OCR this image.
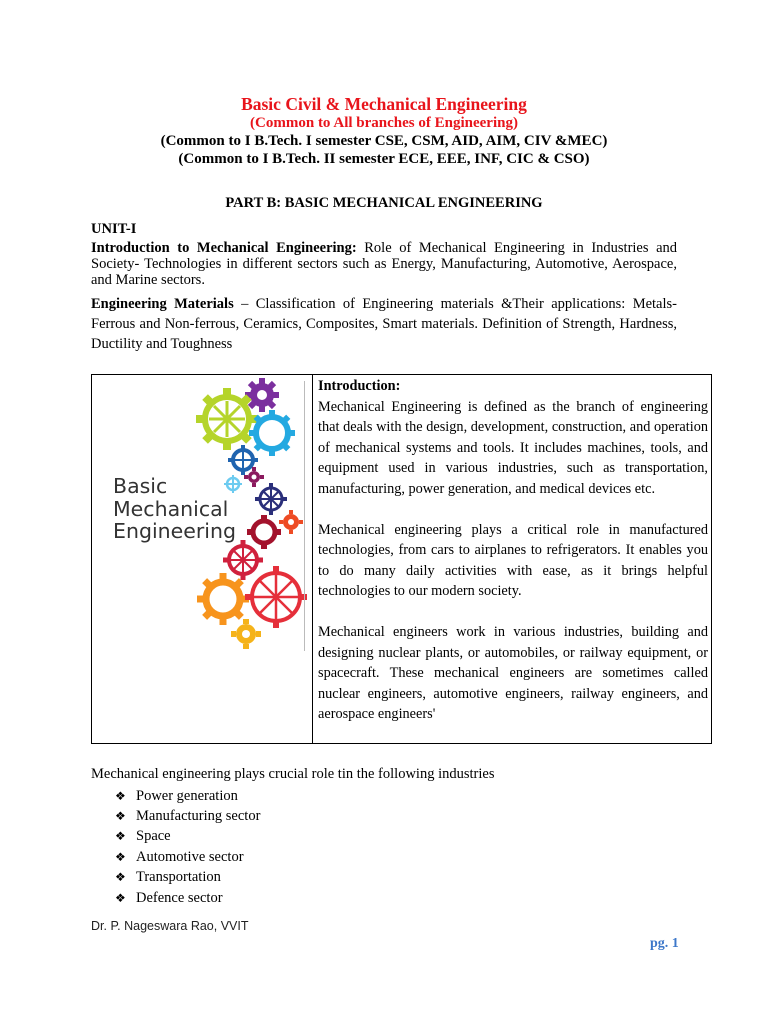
Basic Civil & Mechanical Engineering
(Common to All branches of Engineering)
(Common to I B.Tech. I semester CSE, CSM, AID, AIM, CIV &MEC)
(Common to I B.Tech. II semester ECE, EEE, INF, CIC & CSO)
PART B: BASIC MECHANICAL ENGINEERING
UNIT-I
Introduction to Mechanical Engineering: Role of Mechanical Engineering in Industries and Society- Technologies in different sectors such as Energy, Manufacturing, Automotive, Aerospace, and Marine sectors.
Engineering Materials – Classification of Engineering materials &Their applications: Metals-Ferrous and Non-ferrous, Ceramics, Composites, Smart materials. Definition of Strength, Hardness, Ductility and Toughness
Basic
Mechanical
Engineering

Introduction:

Mechanical Engineering is defined as the branch of engineering that deals with the design, development, construction, and operation of mechanical systems and tools. It includes machines, tools, and equipment used in various industries, such as transportation, manufacturing, power generation, and medical devices etc.

Mechanical engineering plays a critical role in manufactured technologies, from cars to airplanes to refrigerators. It enables you to do many daily activities with ease, as it brings helpful technologies to our modern society.

Mechanical engineers work in various industries, building and designing nuclear plants, or automobiles, or railway equipment, or spacecraft. These mechanical engineers are sometimes called nuclear engineers, automotive engineers, railway engineers, and aerospace engineers'

Mechanical engineering plays crucial role tin the following industries
❖ Power generation
❖ Manufacturing sector
❖ Space
❖ Automotive sector
❖ Transportation
❖ Defence sector
Dr. P. Nageswara Rao, VVIT
pg. 1
